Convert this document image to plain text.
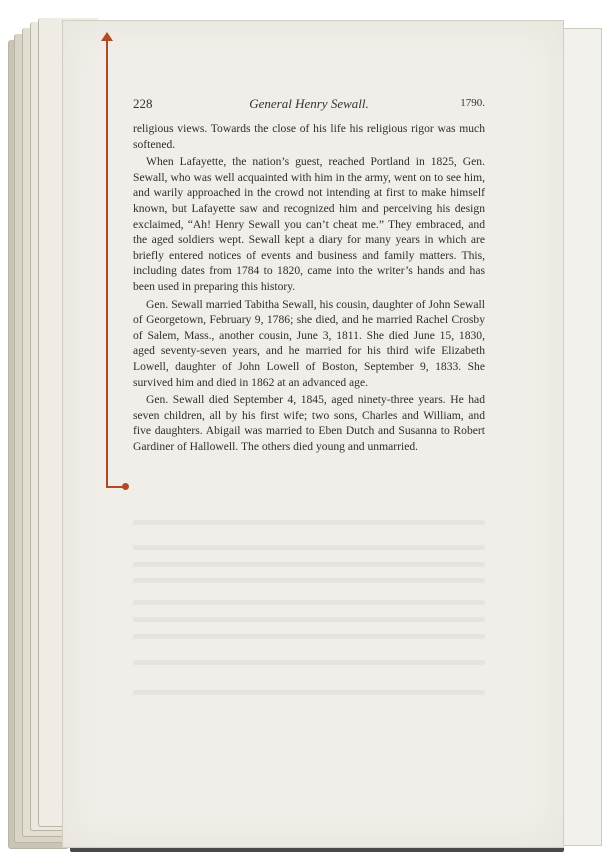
228	General Henry Sewall.	1790.

religious views. Towards the close of his life his religious rigor was much softened.

When Lafayette, the nation’s guest, reached Portland in 1825, Gen. Sewall, who was well acquainted with him in the army, went on to see him, and warily approached in the crowd not intending at first to make himself known, but Lafayette saw and recognized him and perceiving his design exclaimed, “Ah! Henry Sewall you can’t cheat me.” They embraced, and the aged soldiers wept. Sewall kept a diary for many years in which are briefly entered notices of events and business and family matters. This, including dates from 1784 to 1820, came into the writer’s hands and has been used in preparing this history.

Gen. Sewall married Tabitha Sewall, his cousin, daughter of John Sewall of Georgetown, February 9, 1786; she died, and he married Rachel Crosby of Salem, Mass., another cousin, June 3, 1811. She died June 15, 1830, aged seventy-seven years, and he married for his third wife Elizabeth Lowell, daughter of John Lowell of Boston, September 9, 1833. She survived him and died in 1862 at an advanced age.

Gen. Sewall died September 4, 1845, aged ninety-three years. He had seven children, all by his first wife; two sons, Charles and William, and five daughters. Abigail was married to Eben Dutch and Susanna to Robert Gardiner of Hallowell. The others died young and unmarried.
